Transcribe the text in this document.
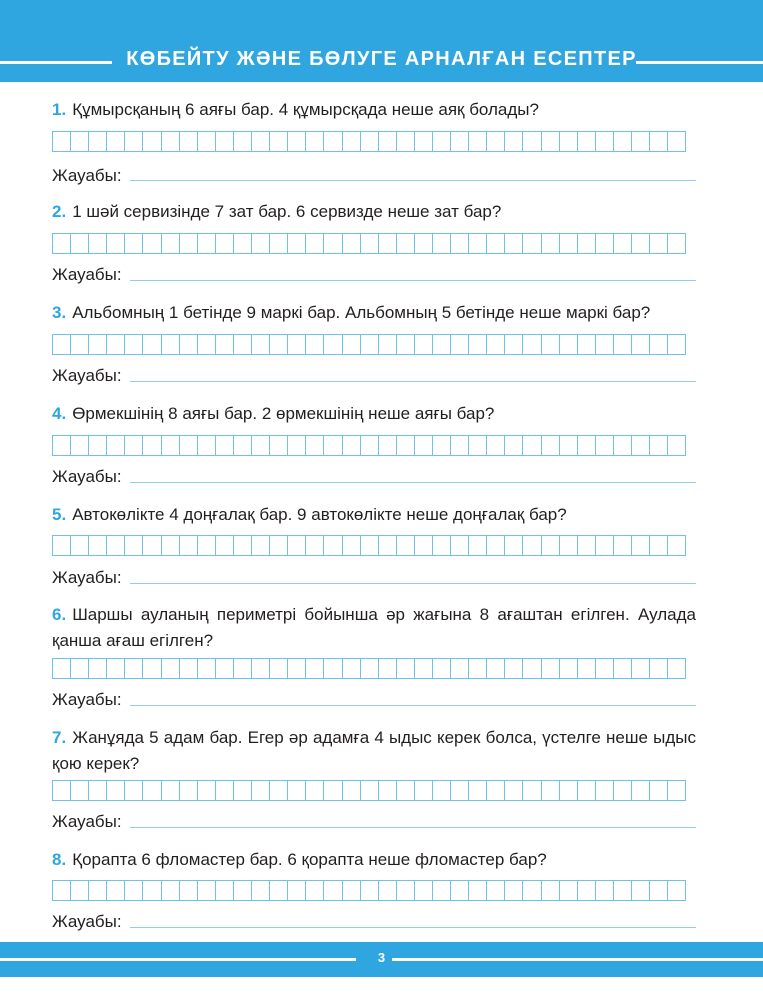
КӨБЕЙТУ ЖӘНЕ БӨЛУГЕ АРНАЛҒАН ЕСЕПТЕР
1. Құмырсқаның 6 аяғы бар. 4 құмырсқада неше аяқ болады?
Жауабы:
2. 1 шәй сервизінде 7 зат бар. 6 сервизде неше зат бар?
Жауабы:
3. Альбомның 1 бетінде 9 маркі бар. Альбомның 5 бетінде неше маркі бар?
Жауабы:
4. Өрмекшінің 8 аяғы бар. 2 өрмекшінің неше аяғы бар?
Жауабы:
5. Автокөлікте 4 доңғалақ бар. 9 автокөлікте неше доңғалақ бар?
Жауабы:
6. Шаршы ауланың периметрі бойынша әр жағына 8 ағаштан егілген. Аулада қанша ағаш егілген?
Жауабы:
7. Жанұяда 5 адам бар. Егер әр адамға 4 ыдыс керек болса, үстелге неше ыдыс қою керек?
Жауабы:
8. Қорапта 6 фломастер бар. 6 қорапта неше фломастер бар?
Жауабы:
3
